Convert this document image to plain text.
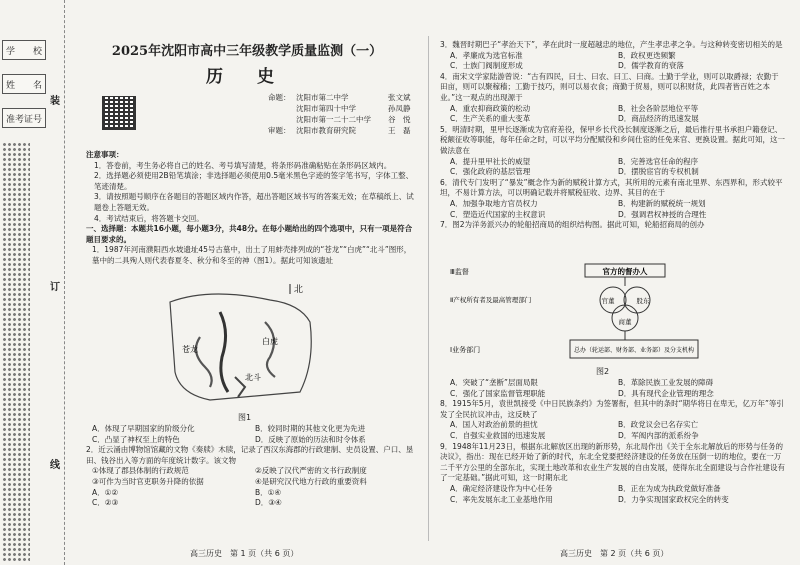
学 校
姓 名
准考证号
装
订
线
2025年沈阳市高中三年级教学质量监测（一）
历 史
命题： 沈阳市第二中学	张文斌
沈阳市第四十中学	孙凤静
沈阳市第一二十二中学	谷　悦
审题： 沈阳市教育研究院	王　磊
注意事项：
1．答卷前，考生务必将自己的姓名、考号填写清楚，将条形码准确粘贴在条形码区域内。
2．选择题必须使用2B铅笔填涂；非选择题必须使用0.5毫米黑色字迹的签字笔书写，字体工整、笔迹清楚。
3．请按照题号顺序在各题目的答题区域内作答，超出答题区域书写的答案无效；在草稿纸上、试题卷上答题无效。
4．考试结束后，将答题卡交回。
一、选择题：本题共16小题，每小题3分，共48分。在每小题给出的四个选项中，只有一项是符合题目要求的。
1．1987年河南濮阳西水坡遗址45号古墓中，出土了用蚌壳排列成的“苍龙”“白虎”“北斗”图形，墓中的二具殉人则代表春夏冬、秋分和冬至的神（图1）。据此可知该遗址
北
苍龙
白虎
北斗
图1
A．体现了早期国家的阶级分化	B．较同时期的其他文化更为先进
C．凸显了神权至上的特色	D．反映了原始的历法和时令体系
2．近云涌由博物馆馆藏的文物《奏牍》木牍，记录了西汉东海郡的行政建制、史员设置、户口、垦田、钱谷出入等方面的年度统计数字。该文物
①体现了郡县体制的行政规范	②反映了汉代严密的文书行政制度
③可作为当时官吏职务升降的依据	④是研究汉代地方行政的重要资料
A．①②	B．①④
C．②③	D．③④
高三历史　第 1 页（共 6 页）
3．魏晋时期巴子“孝治天下”，孝在此时一度超越忠的地位，产生孝忠孝之争。与这种转变密切相关的是
A．孝廉成为选官标准	B．政权更迭频繁
C．士族门阀制度形成	D．儒学教育的衰落
4．南宋文学家陆游曾说：“古有四民，曰士、曰农、曰工、曰商。士勤于学业，则可以取爵禄；农勤于田亩，则可以聚稼穑；工勤于技巧，则可以易衣食；商勤于贸易，则可以积财货，此四者皆百姓之本业。”这一观点的出现源于
A．重农抑商政策的松动	B．社会各阶层地位平等
C．生产关系的重大变革	D．商品经济的迅速发展
5．明清时期，里甲长逐渐成为官府差役，保甲乡长代役长制度逐渐之后，最后推行里书承担户籍登记、税额征收等职能，每年任命之时，可以平均分配赋役和乡间仕宦的任免来官、更换设置。据此可知，这一做法意在
A．提升里甲社长的威望	B．完善选官任命的程序
C．强化政府的基层管理	D．摆脱宦官的专权机制
6．清代专门发明了“暴发”概念作为新的赋税计算方式，其所用的元素有南北里界、东西界和，形式较平坦，不易计算方法，可以明确记载并将赋税征收、边界、其目的在于
A．加强争取地方官员权力	B．构建新的赋税统一规划
C．塑造近代国家的主权意识	D．强调君权神授的合理性
7．图2为洋务派兴办的轮船招商局的组织结构图。据此可知，轮船招商局的创办
官方的督办人
官董	股东
商董
总办（轮运部、财务部、业务部）及分支机构
Ⅲ监督
Ⅱ产权所有者及最高管理部门
Ⅰ业务部门
图2
A．突破了“垄断”层面局限	B．革除民族工业发展的障碍
C．强化了国家监督管理职能	D．具有现代企业管理的理念
8．1915年5月，袁世凯接受《中日民族条约》为签署衔，但其中的条时“期华将日在卑无，亿万年”等引发了全民抗议冲击，这反映了
A．国人对政治前景的担忧	B．政党议会已名存实亡
C．自强实业救国的迅速发展	D．军阀内部的派系纷争
9．1948年11月23日，根据东北解放区出现的新形势，东北局作出《关于全东北解放后的形势与任务的决议》，指出：现在已经开始了新的时代，东北全党要把经济建设的任务放在压倒一切的地位，要在一万二千平方公里的全部东北，实现土地改革和农业生产发展的自由发展，使得东北全面建设与合作社建设有了一定基础。”据此可知，这一时期东北
A．确定经济建设作为中心任务	B．正在为成为执政党做好准备
C．率先发展东北工业基地作用	D．力争实现国家政权完全的转变
高三历史　第 2 页（共 6 页）
